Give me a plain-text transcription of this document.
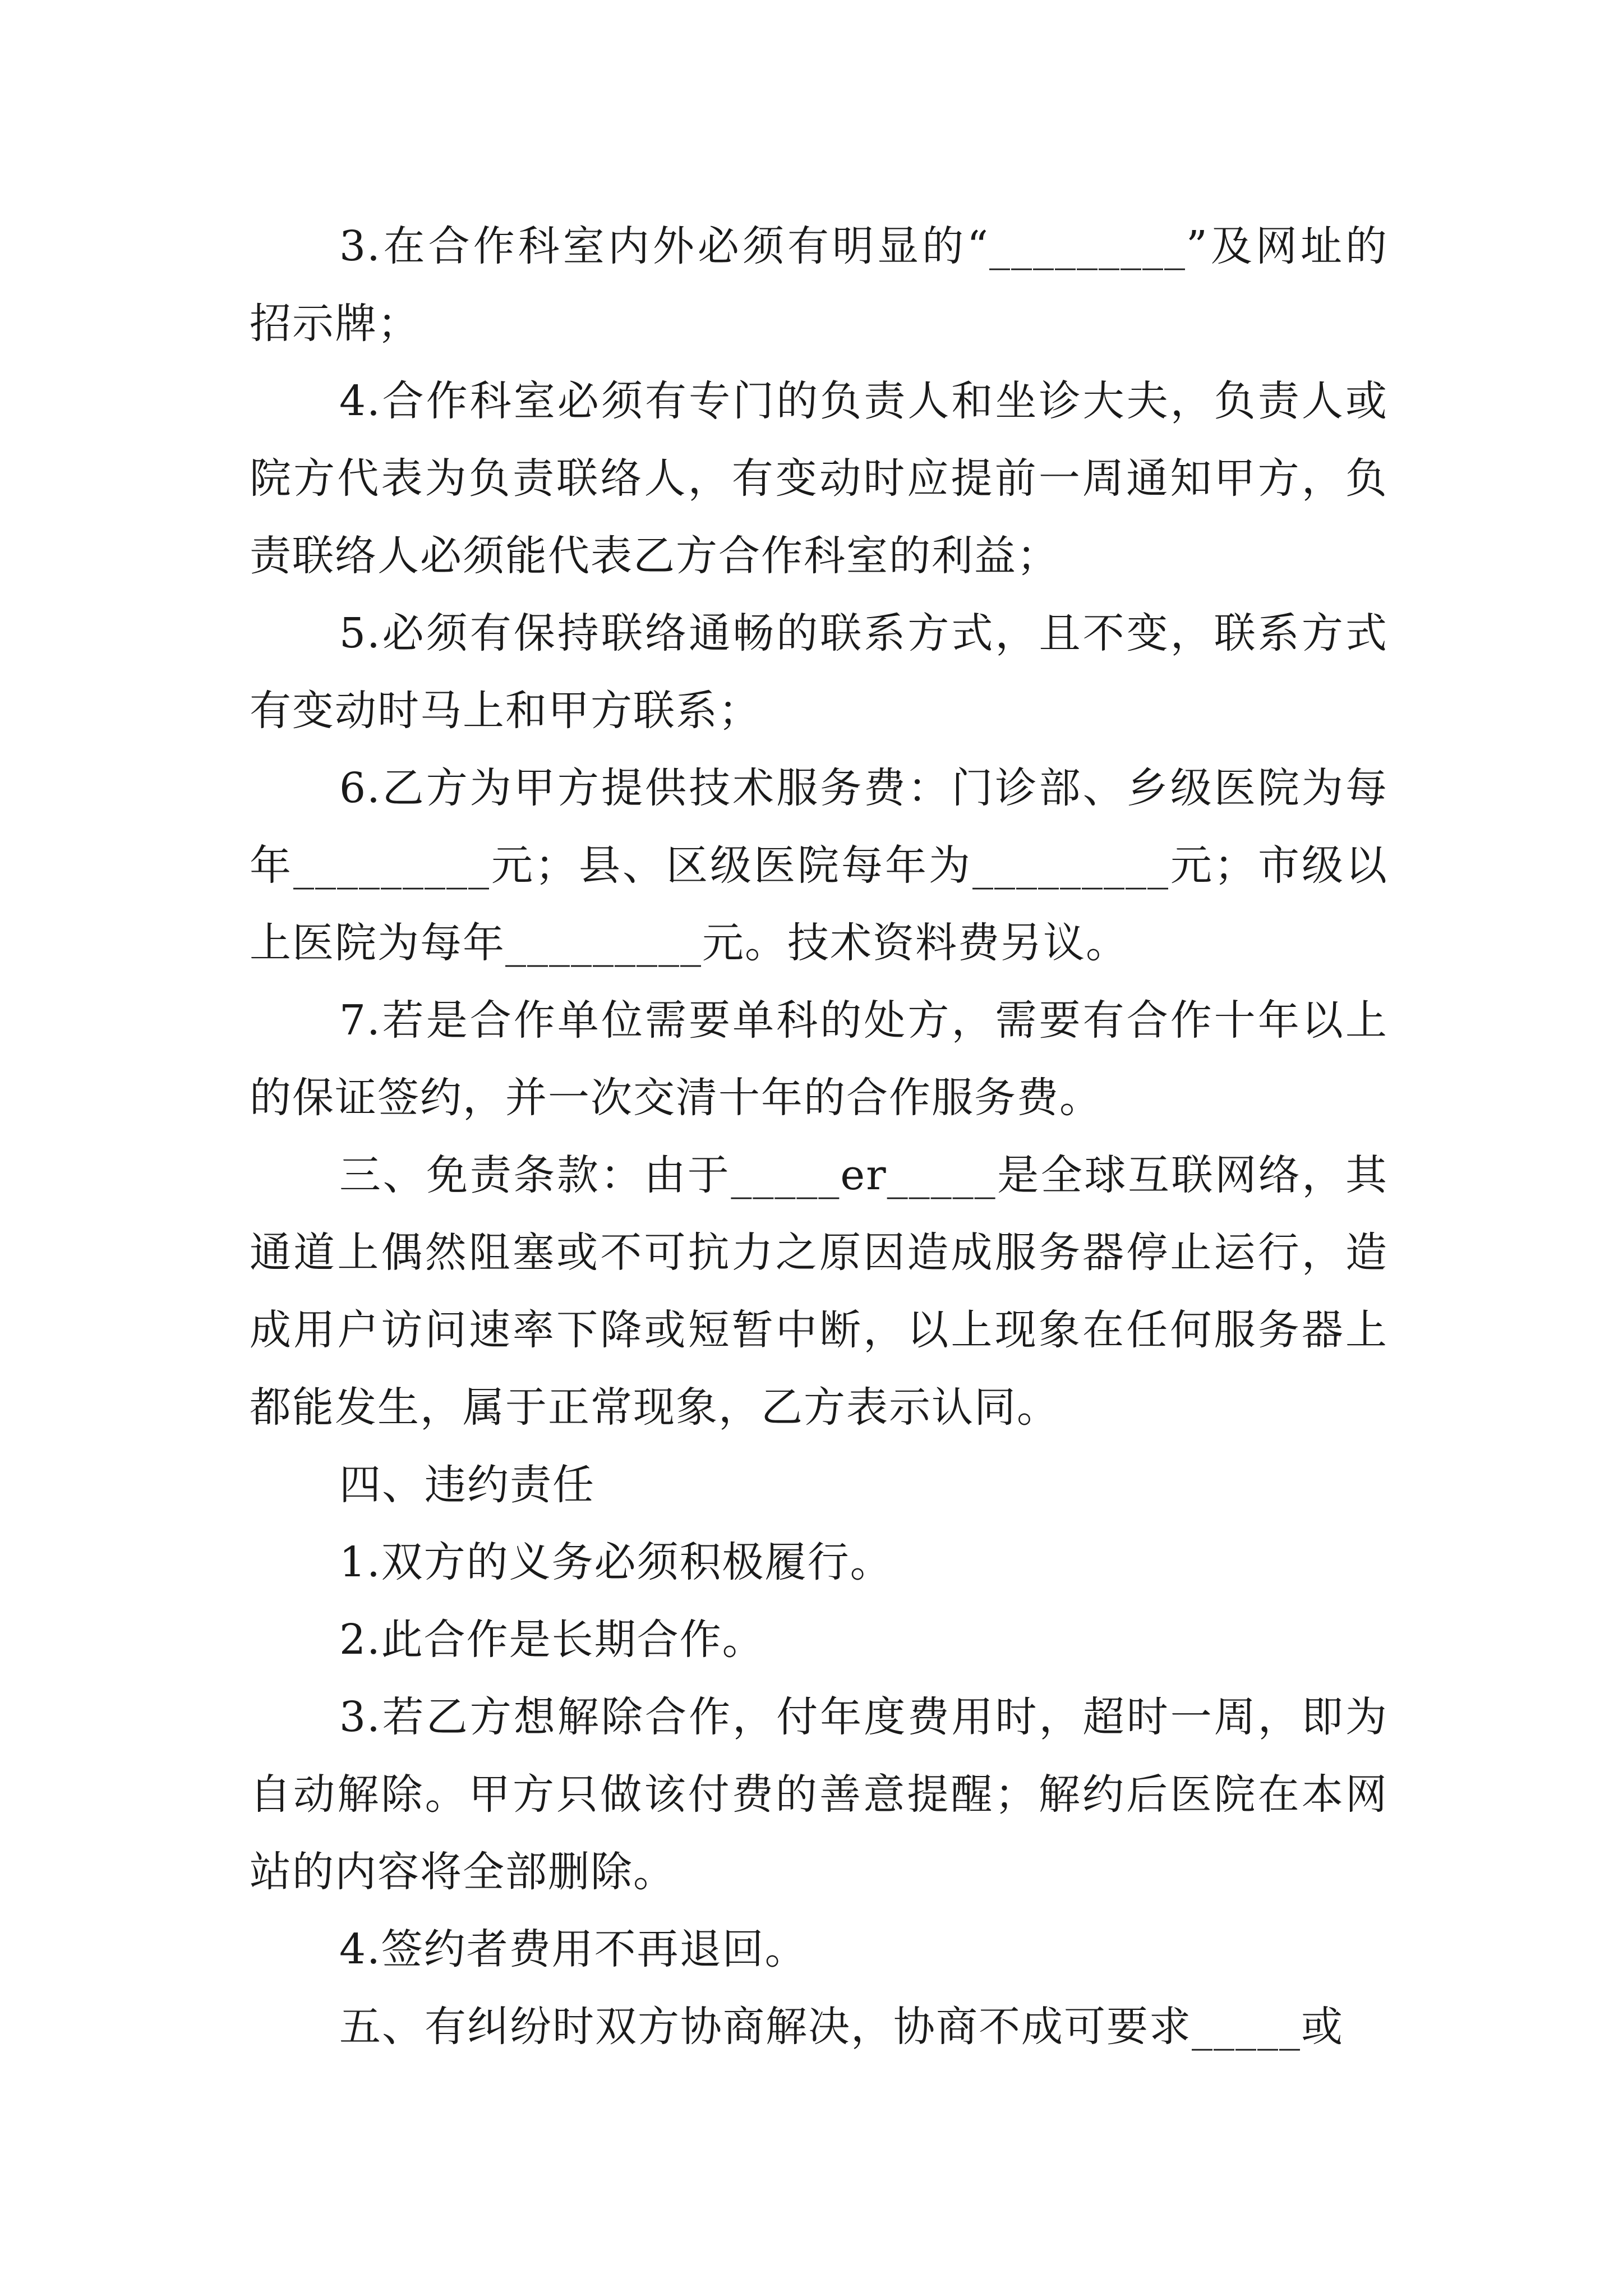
3.在合作科室内外必须有明显的“_________”及网址的招示牌；

4.合作科室必须有专门的负责人和坐诊大夫，负责人或院方代表为负责联络人，有变动时应提前一周通知甲方，负责联络人必须能代表乙方合作科室的利益；

5.必须有保持联络通畅的联系方式，且不变，联系方式有变动时马上和甲方联系；

6.乙方为甲方提供技术服务费：门诊部、乡级医院为每年_________元；县、区级医院每年为_________元；市级以上医院为每年_________元。技术资料费另议。

7.若是合作单位需要单科的处方，需要有合作十年以上的保证签约，并一次交清十年的合作服务费。

三、免责条款：由于_____er_____是全球互联网络，其通道上偶然阻塞或不可抗力之原因造成服务器停止运行，造成用户访问速率下降或短暂中断，以上现象在任何服务器上都能发生，属于正常现象，乙方表示认同。

四、违约责任

1.双方的义务必须积极履行。

2.此合作是长期合作。

3.若乙方想解除合作，付年度费用时，超时一周，即为自动解除。甲方只做该付费的善意提醒；解约后医院在本网站的内容将全部删除。

4.签约者费用不再退回。

五、有纠纷时双方协商解决，协商不成可要求_____或
